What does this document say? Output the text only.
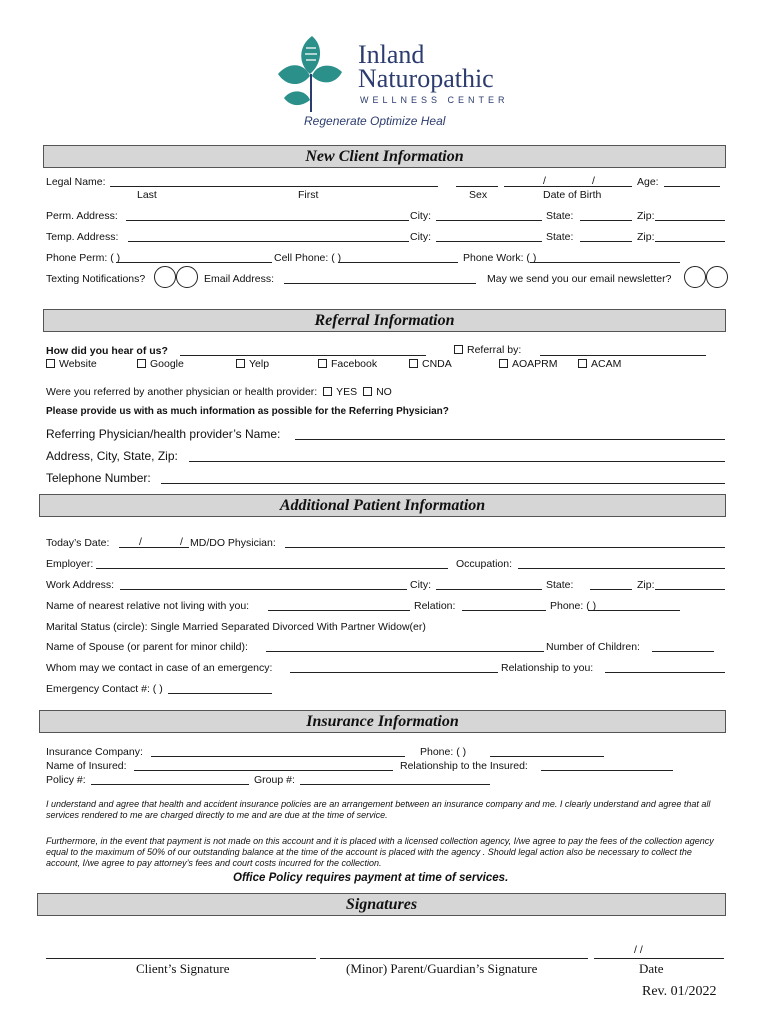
Inland
Naturopathic
WELLNESS CENTER
Regenerate Optimize Heal
New Client Information
Legal Name:	/	/	Age:
Last	First	Sex	Date of Birth
Perm. Address:	City:	State:	Zip:
Temp. Address:	City:	State:	Zip:
Phone Perm: ( )	Cell Phone: ( )	Phone Work: ( )
Texting Notifications?	Email Address:	May we send you our email newsletter?
Referral Information
How did you hear of us?	Referral by:
Website	Google	Yelp	Facebook	CNDA	AOAPRM	ACAM
Were you referred by another physician or health provider: YES NO
Please provide us with as much information as possible for the Referring Physician?
Referring Physician/health provider’s Name:
Address, City, State, Zip:
Telephone Number:
Additional Patient Information
Today’s Date:	/	/ MD/DO Physician:
Employer:	Occupation:
Work Address:	City:	State:	Zip:
Name of nearest relative not living with you:	Relation:	Phone: ( )
Marital Status (circle): Single Married Separated Divorced With Partner Widow(er)
Name of Spouse (or parent for minor child):	Number of Children:
Whom may we contact in case of an emergency:	Relationship to you:
Emergency Contact #: ( )
Insurance Information
Insurance Company:	Phone: ( )
Name of Insured:	Relationship to the Insured:
Policy #:	Group #:
I understand and agree that health and accident insurance policies are an arrangement between an insurance company and me. I clearly understand and agree that all services rendered to me are charged directly to me and are due at the time of service.
Furthermore, in the event that payment is not made on this account and it is placed with a licensed collection agency, I/we agree to pay the fees of the collection agency equal to the maximum of 50% of our outstanding balance at the time of the account is placed with the agency . Should legal action also be necessary to collect the account, I/we agree to pay attorney’s fees and court costs incurred for the collection.
Office Policy requires payment at time of services.
Signatures
Client’s Signature	(Minor) Parent/Guardian’s Signature
/ /
Date
Rev. 01/2022
